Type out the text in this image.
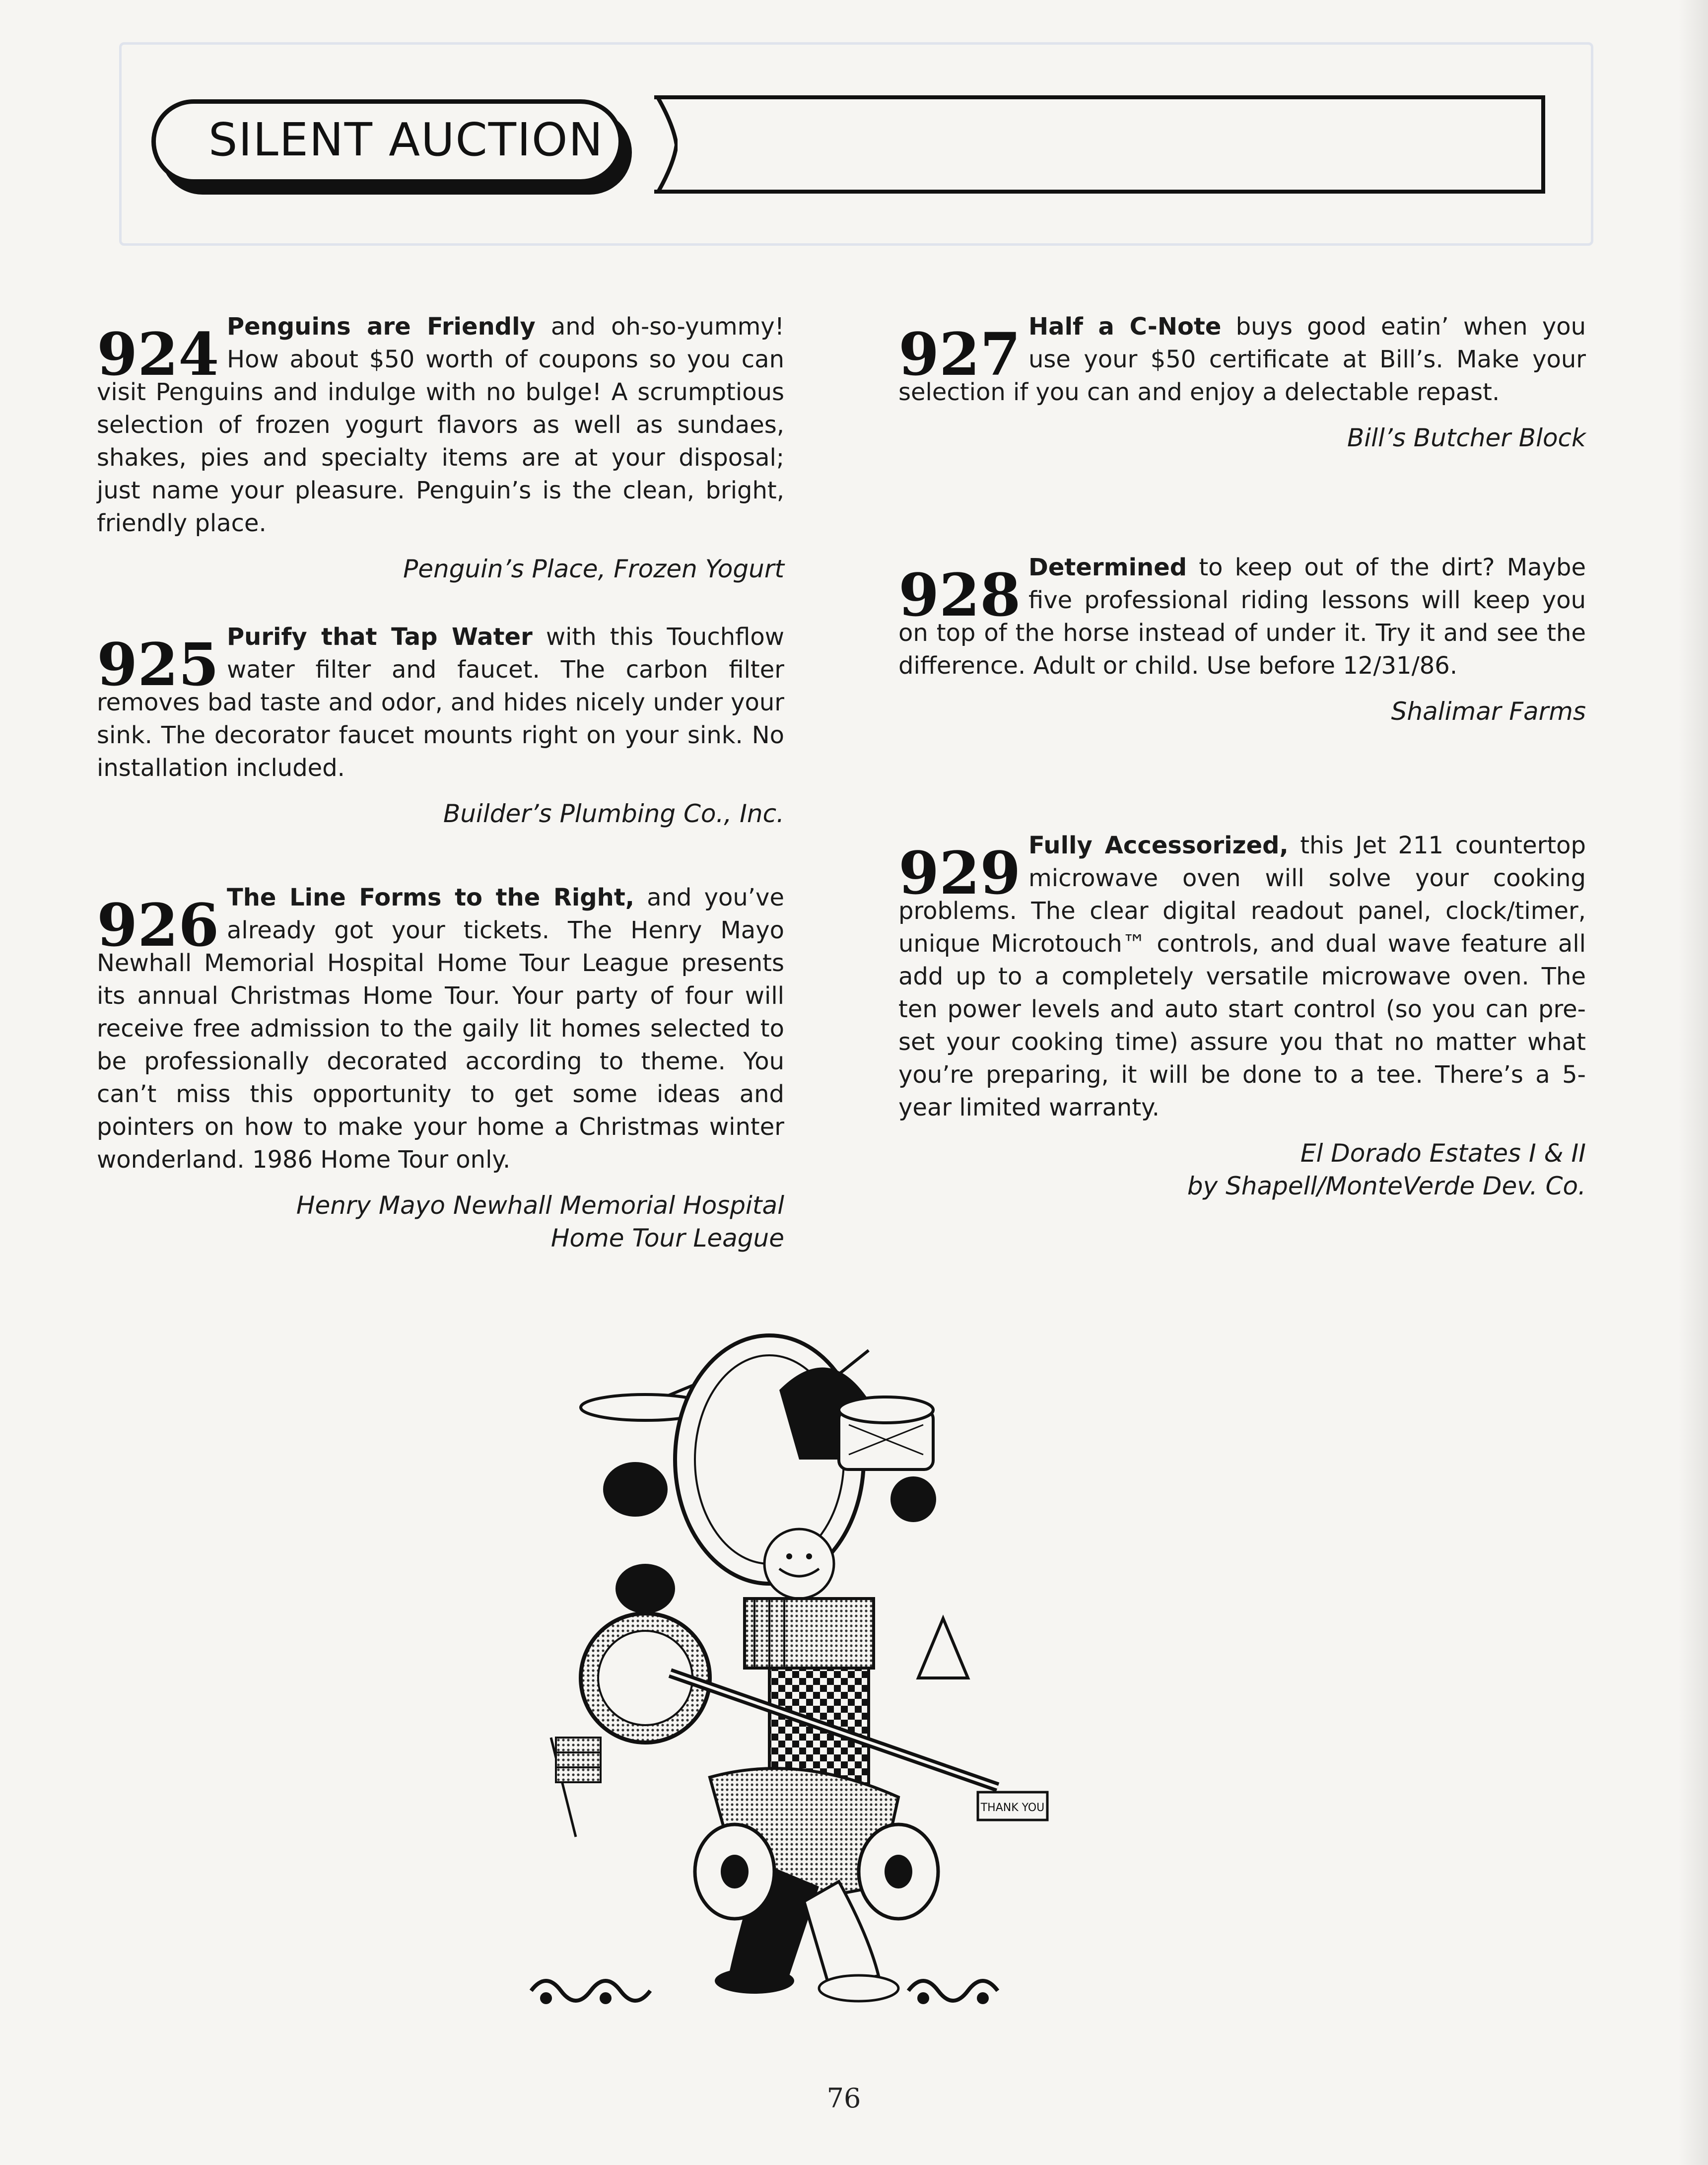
SILENT AUCTION
924 Penguins are Friendly and oh-so-yummy! How about $50 worth of coupons so you can visit Penguins and indulge with no bulge! A scrumptious selection of frozen yogurt flavors as well as sundaes, shakes, pies and specialty items are at your disposal; just name your pleasure. Penguin’s is the clean, bright, friendly place.

Penguin’s Place, Frozen Yogurt

925 Purify that Tap Water with this Touchflow water filter and faucet. The carbon filter removes bad taste and odor, and hides nicely under your sink. The decorator faucet mounts right on your sink. No installation included.

Builder’s Plumbing Co., Inc.

926 The Line Forms to the Right, and you’ve already got your tickets. The Henry Mayo Newhall Memorial Hospital Home Tour League presents its annual Christmas Home Tour. Your party of four will receive free admission to the gaily lit homes selected to be professionally decorated according to theme. You can’t miss this opportunity to get some ideas and pointers on how to make your home a Christmas winter wonderland. 1986 Home Tour only.

Henry Mayo Newhall Memorial Hospital
Home Tour League

927 Half a C-Note buys good eatin’ when you use your $50 certificate at Bill’s. Make your selection if you can and enjoy a delectable repast.

Bill’s Butcher Block

928 Determined to keep out of the dirt? Maybe five professional riding lessons will keep you on top of the horse instead of under it. Try it and see the difference. Adult or child. Use before 12/31/86.

Shalimar Farms

929 Fully Accessorized, this Jet 211 countertop microwave oven will solve your cooking problems. The clear digital readout panel, clock/timer, unique Microtouch™ controls, and dual wave feature all add up to a completely versatile microwave oven. The ten power levels and auto start control (so you can pre-set your cooking time) assure you that no matter what you’re preparing, it will be done to a tee. There’s a 5-year limited warranty.

El Dorado Estates I & II
by Shapell/MonteVerde Dev. Co.

THANK YOU
76
